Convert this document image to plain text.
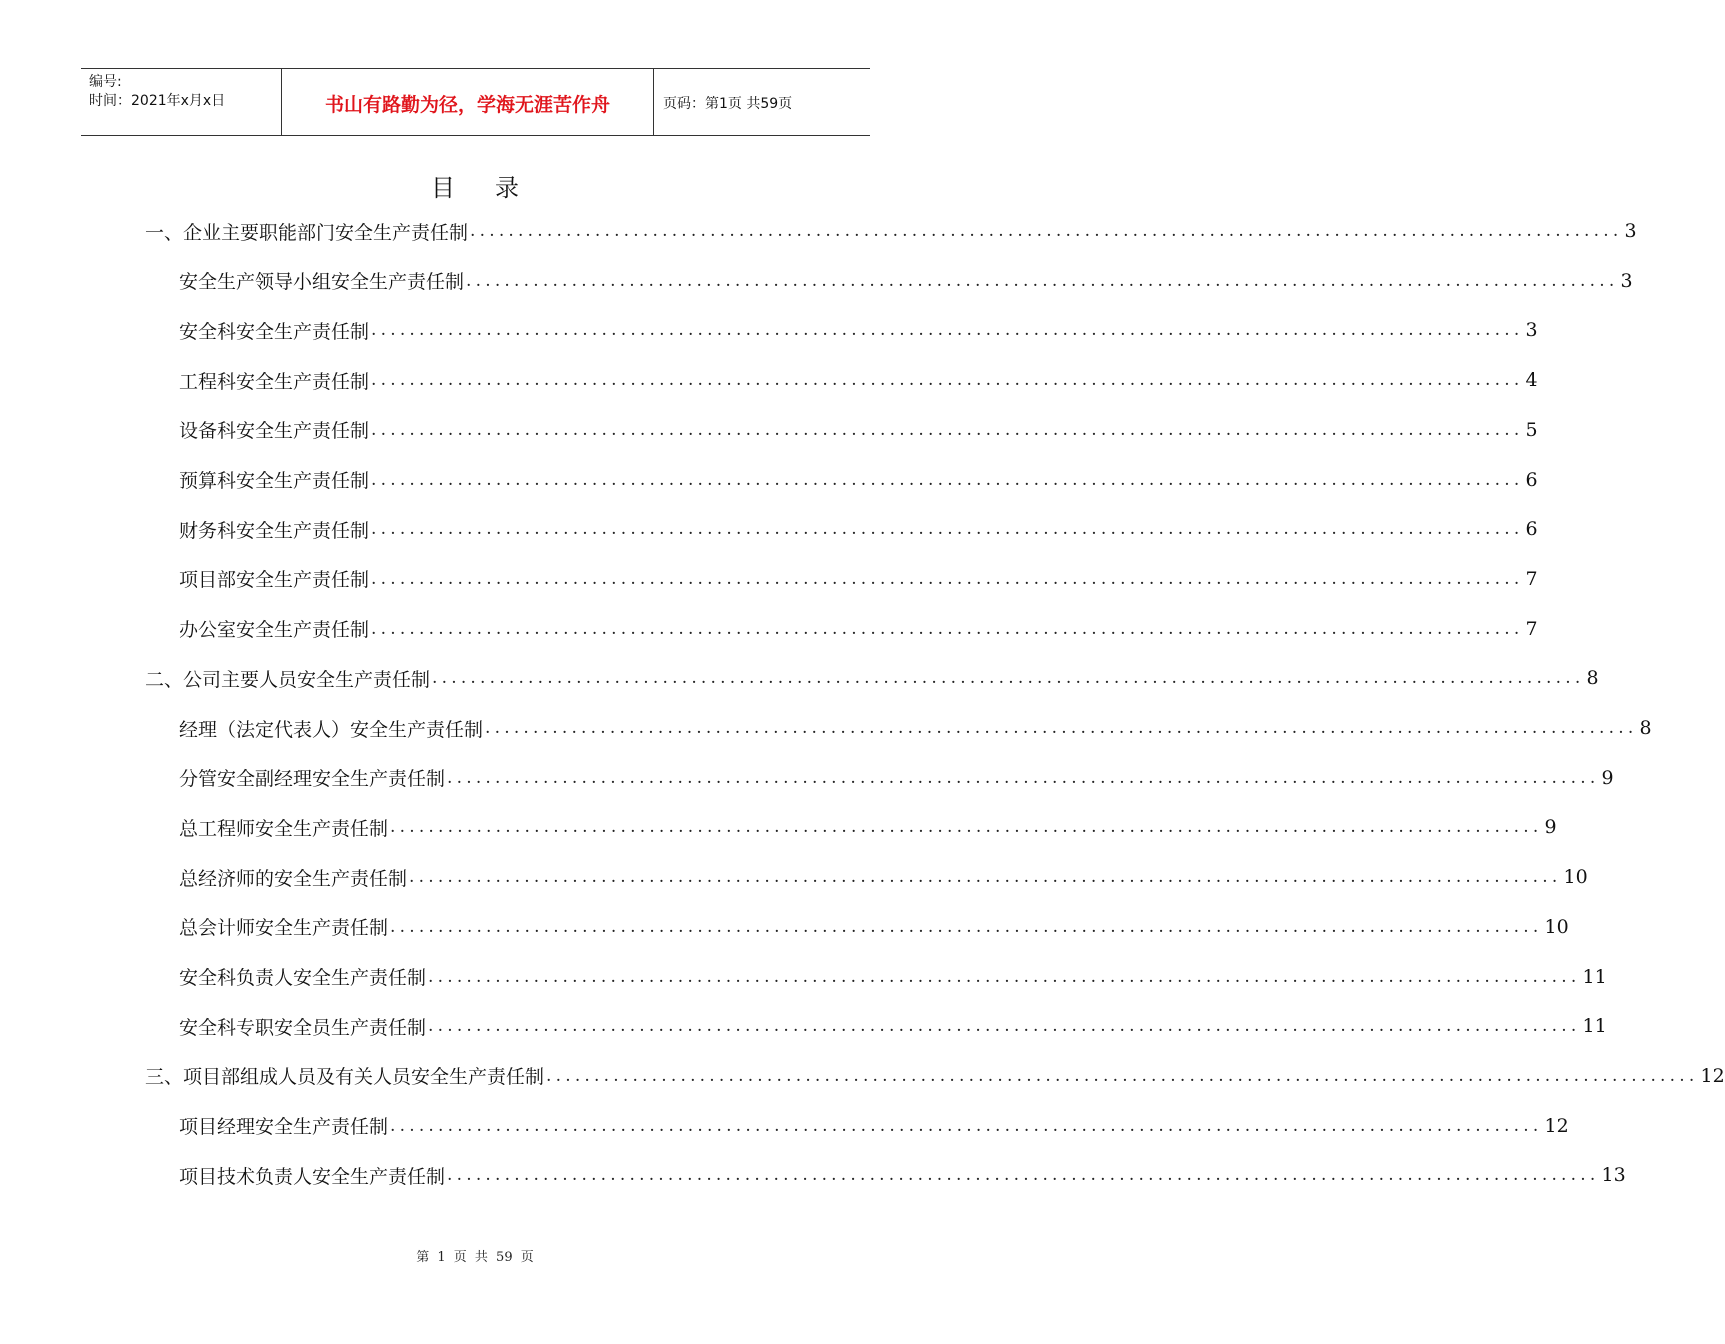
编号:
时间：2021年x月x日	书山有路勤为径，学海无涯苦作舟	页码：第1页 共59页
目录
一、企业主要职能部门安全生产责任制 ........................................................................................................................ 3
安全生产领导小组安全生产责任制 ........................................................................................................................ 3
安全科安全生产责任制 ........................................................................................................................ 3
工程科安全生产责任制 ........................................................................................................................ 4
设备科安全生产责任制 ........................................................................................................................ 5
预算科安全生产责任制 ........................................................................................................................ 6
财务科安全生产责任制 ........................................................................................................................ 6
项目部安全生产责任制 ........................................................................................................................ 7
办公室安全生产责任制 ........................................................................................................................ 7
二、公司主要人员安全生产责任制 ........................................................................................................................ 8
经理（法定代表人）安全生产责任制 ........................................................................................................................ 8
分管安全副经理安全生产责任制 ........................................................................................................................ 9
总工程师安全生产责任制 ........................................................................................................................ 9
总经济师的安全生产责任制 ........................................................................................................................ 10
总会计师安全生产责任制 ........................................................................................................................ 10
安全科负责人安全生产责任制 ........................................................................................................................ 11
安全科专职安全员生产责任制 ........................................................................................................................ 11
三、项目部组成人员及有关人员安全生产责任制 ........................................................................................................................ 12
项目经理安全生产责任制 ........................................................................................................................ 12
项目技术负责人安全生产责任制 ........................................................................................................................ 13
第 1 页 共 59 页
